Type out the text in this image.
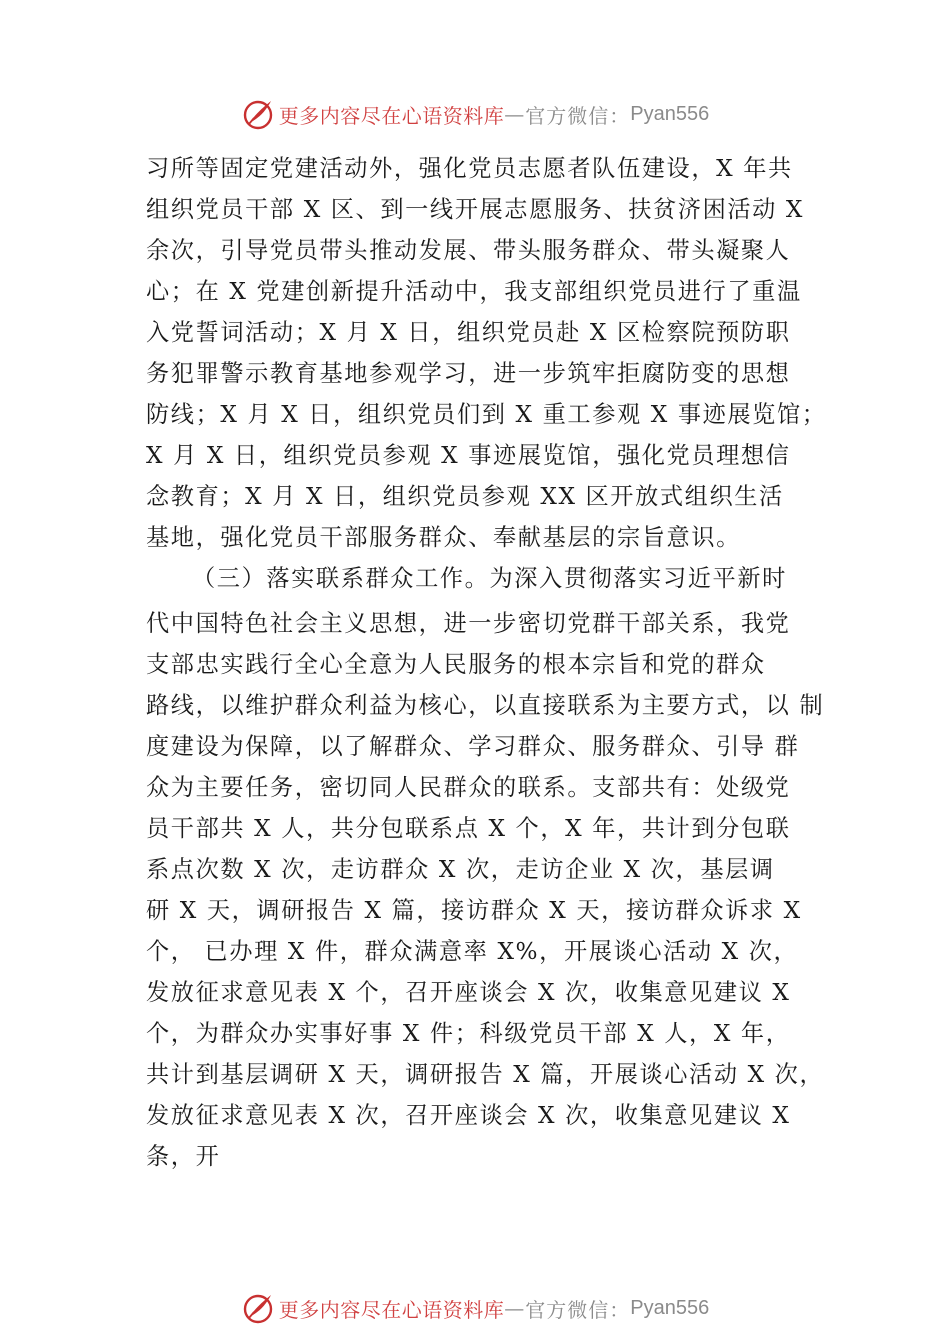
更多内容尽在心语资料库 — 官方微信： Pyan556
习所等固定党建活动外，强化党员志愿者队伍建设，X 年共
组织党员干部 X 区、到一线开展志愿服务、扶贫济困活动 X
余次，引导党员带头推动发展、带头服务群众、带头凝聚人
心；在 X 党建创新提升活动中，我支部组织党员进行了重温
入党誓词活动；X 月 X 日，组织党员赴 X 区检察院预防职
务犯罪警示教育基地参观学习，进一步筑牢拒腐防变的思想
防线；X 月 X 日，组织党员们到 X 重工参观 X 事迹展览馆；
X 月 X 日，组织党员参观 X 事迹展览馆，强化党员理想信
念教育；X 月 X 日，组织党员参观 XX 区开放式组织生活
基地，强化党员干部服务群众、奉献基层的宗旨意识。
（三）落实联系群众工作。为深入贯彻落实习近平新时
代中国特色社会主义思想，进一步密切党群干部关系，我党
支部忠实践行全心全意为人民服务的根本宗旨和党的群众
路线，以维护群众利益为核心，以直接联系为主要方式，以 制
度建设为保障，以了解群众、学习群众、服务群众、引导 群
众为主要任务，密切同人民群众的联系。支部共有：处级党
员干部共 X 人，共分包联系点 X 个，X 年，共计到分包联
系点次数 X 次，走访群众 X 次，走访企业 X 次，基层调
研 X 天，调研报告 X 篇，接访群众 X 天，接访群众诉求 X
个， 已办理 X 件，群众满意率 X%，开展谈心活动 X 次，
发放征求意见表 X 个，召开座谈会 X 次，收集意见建议 X
个，为群众办实事好事 X 件；科级党员干部 X 人，X 年，
共计到基层调研 X 天，调研报告 X 篇，开展谈心活动 X 次，
发放征求意见表 X 次，召开座谈会 X 次，收集意见建议 X
条，开
更多内容尽在心语资料库 — 官方微信： Pyan556
